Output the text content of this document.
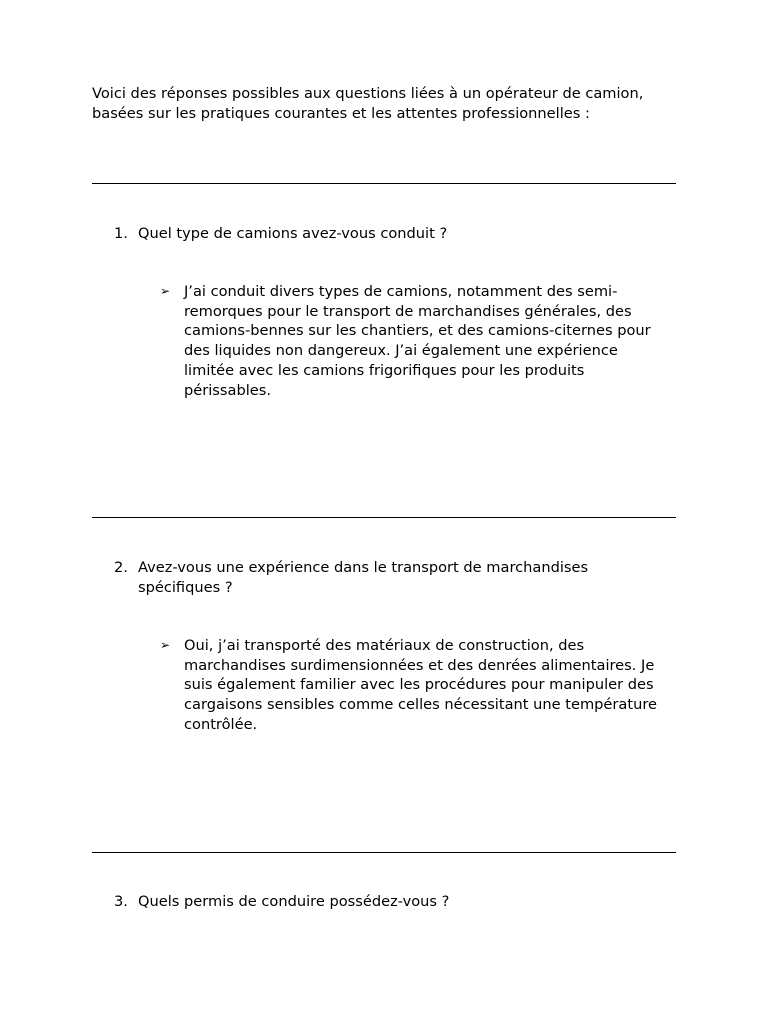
Voici des réponses possibles aux questions liées à un opérateur de camion, basées sur les pratiques courantes et les attentes professionnelles :
1. Quel type de camions avez-vous conduit ?
➢ J’ai conduit divers types de camions, notamment des semi-remorques pour le transport de marchandises générales, des camions-bennes sur les chantiers, et des camions-citernes pour des liquides non dangereux. J’ai également une expérience limitée avec les camions frigorifiques pour les produits périssables.
2. Avez-vous une expérience dans le transport de marchandises spécifiques ?
➢ Oui, j’ai transporté des matériaux de construction, des marchandises surdimensionnées et des denrées alimentaires. Je suis également familier avec les procédures pour manipuler des cargaisons sensibles comme celles nécessitant une température contrôlée.
3. Quels permis de conduire possédez-vous ?
